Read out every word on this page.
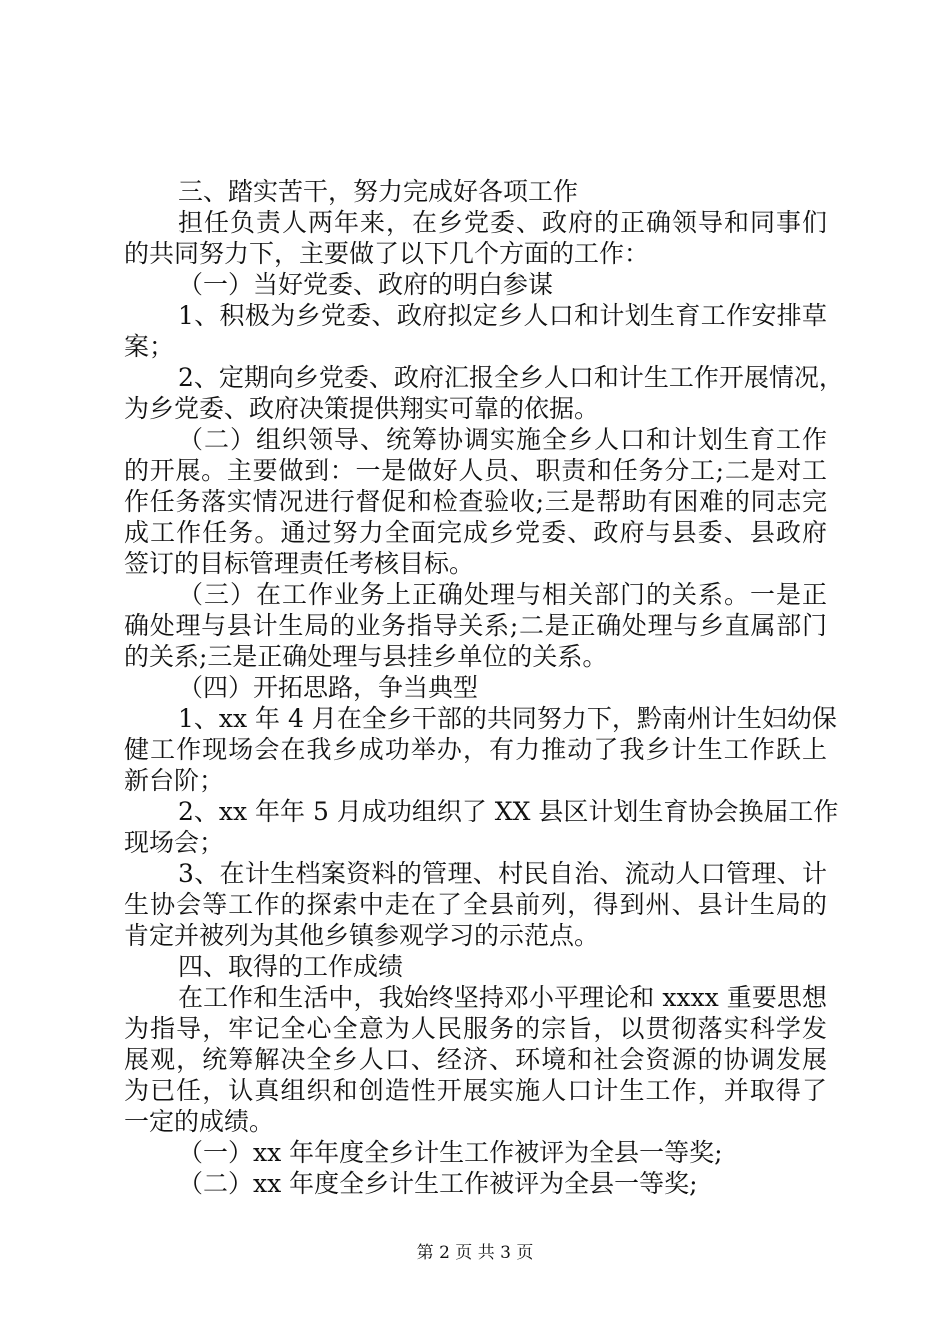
三、踏实苦干，努力完成好各项工作
担任负责人两年来，在乡党委、政府的正确领导和同事们
的共同努力下，主要做了以下几个方面的工作：
（一）当好党委、政府的明白参谋
1、积极为乡党委、政府拟定乡人口和计划生育工作安排草
案；
2、定期向乡党委、政府汇报全乡人口和计生工作开展情况，
为乡党委、政府决策提供翔实可靠的依据。
（二）组织领导、统筹协调实施全乡人口和计划生育工作
的开展。主要做到：一是做好人员、职责和任务分工;二是对工
作任务落实情况进行督促和检查验收;三是帮助有困难的同志完
成工作任务。通过努力全面完成乡党委、政府与县委、县政府
签订的目标管理责任考核目标。
（三）在工作业务上正确处理与相关部门的关系。一是正
确处理与县计生局的业务指导关系;二是正确处理与乡直属部门
的关系;三是正确处理与县挂乡单位的关系。
（四）开拓思路，争当典型
1、xx 年 4 月在全乡干部的共同努力下，黔南州计生妇幼保
健工作现场会在我乡成功举办，有力推动了我乡计生工作跃上
新台阶；
2、xx 年年 5 月成功组织了 XX 县区计划生育协会换届工作
现场会；
3、在计生档案资料的管理、村民自治、流动人口管理、计
生协会等工作的探索中走在了全县前列，得到州、县计生局的
肯定并被列为其他乡镇参观学习的示范点。
四、取得的工作成绩
在工作和生活中，我始终坚持邓小平理论和 xxxx 重要思想
为指导，牢记全心全意为人民服务的宗旨，以贯彻落实科学发
展观，统筹解决全乡人口、经济、环境和社会资源的协调发展
为已任，认真组织和创造性开展实施人口计生工作，并取得了
一定的成绩。
（一）xx 年年度全乡计生工作被评为全县一等奖;
（二）xx 年度全乡计生工作被评为全县一等奖;
第 2 页 共 3 页
